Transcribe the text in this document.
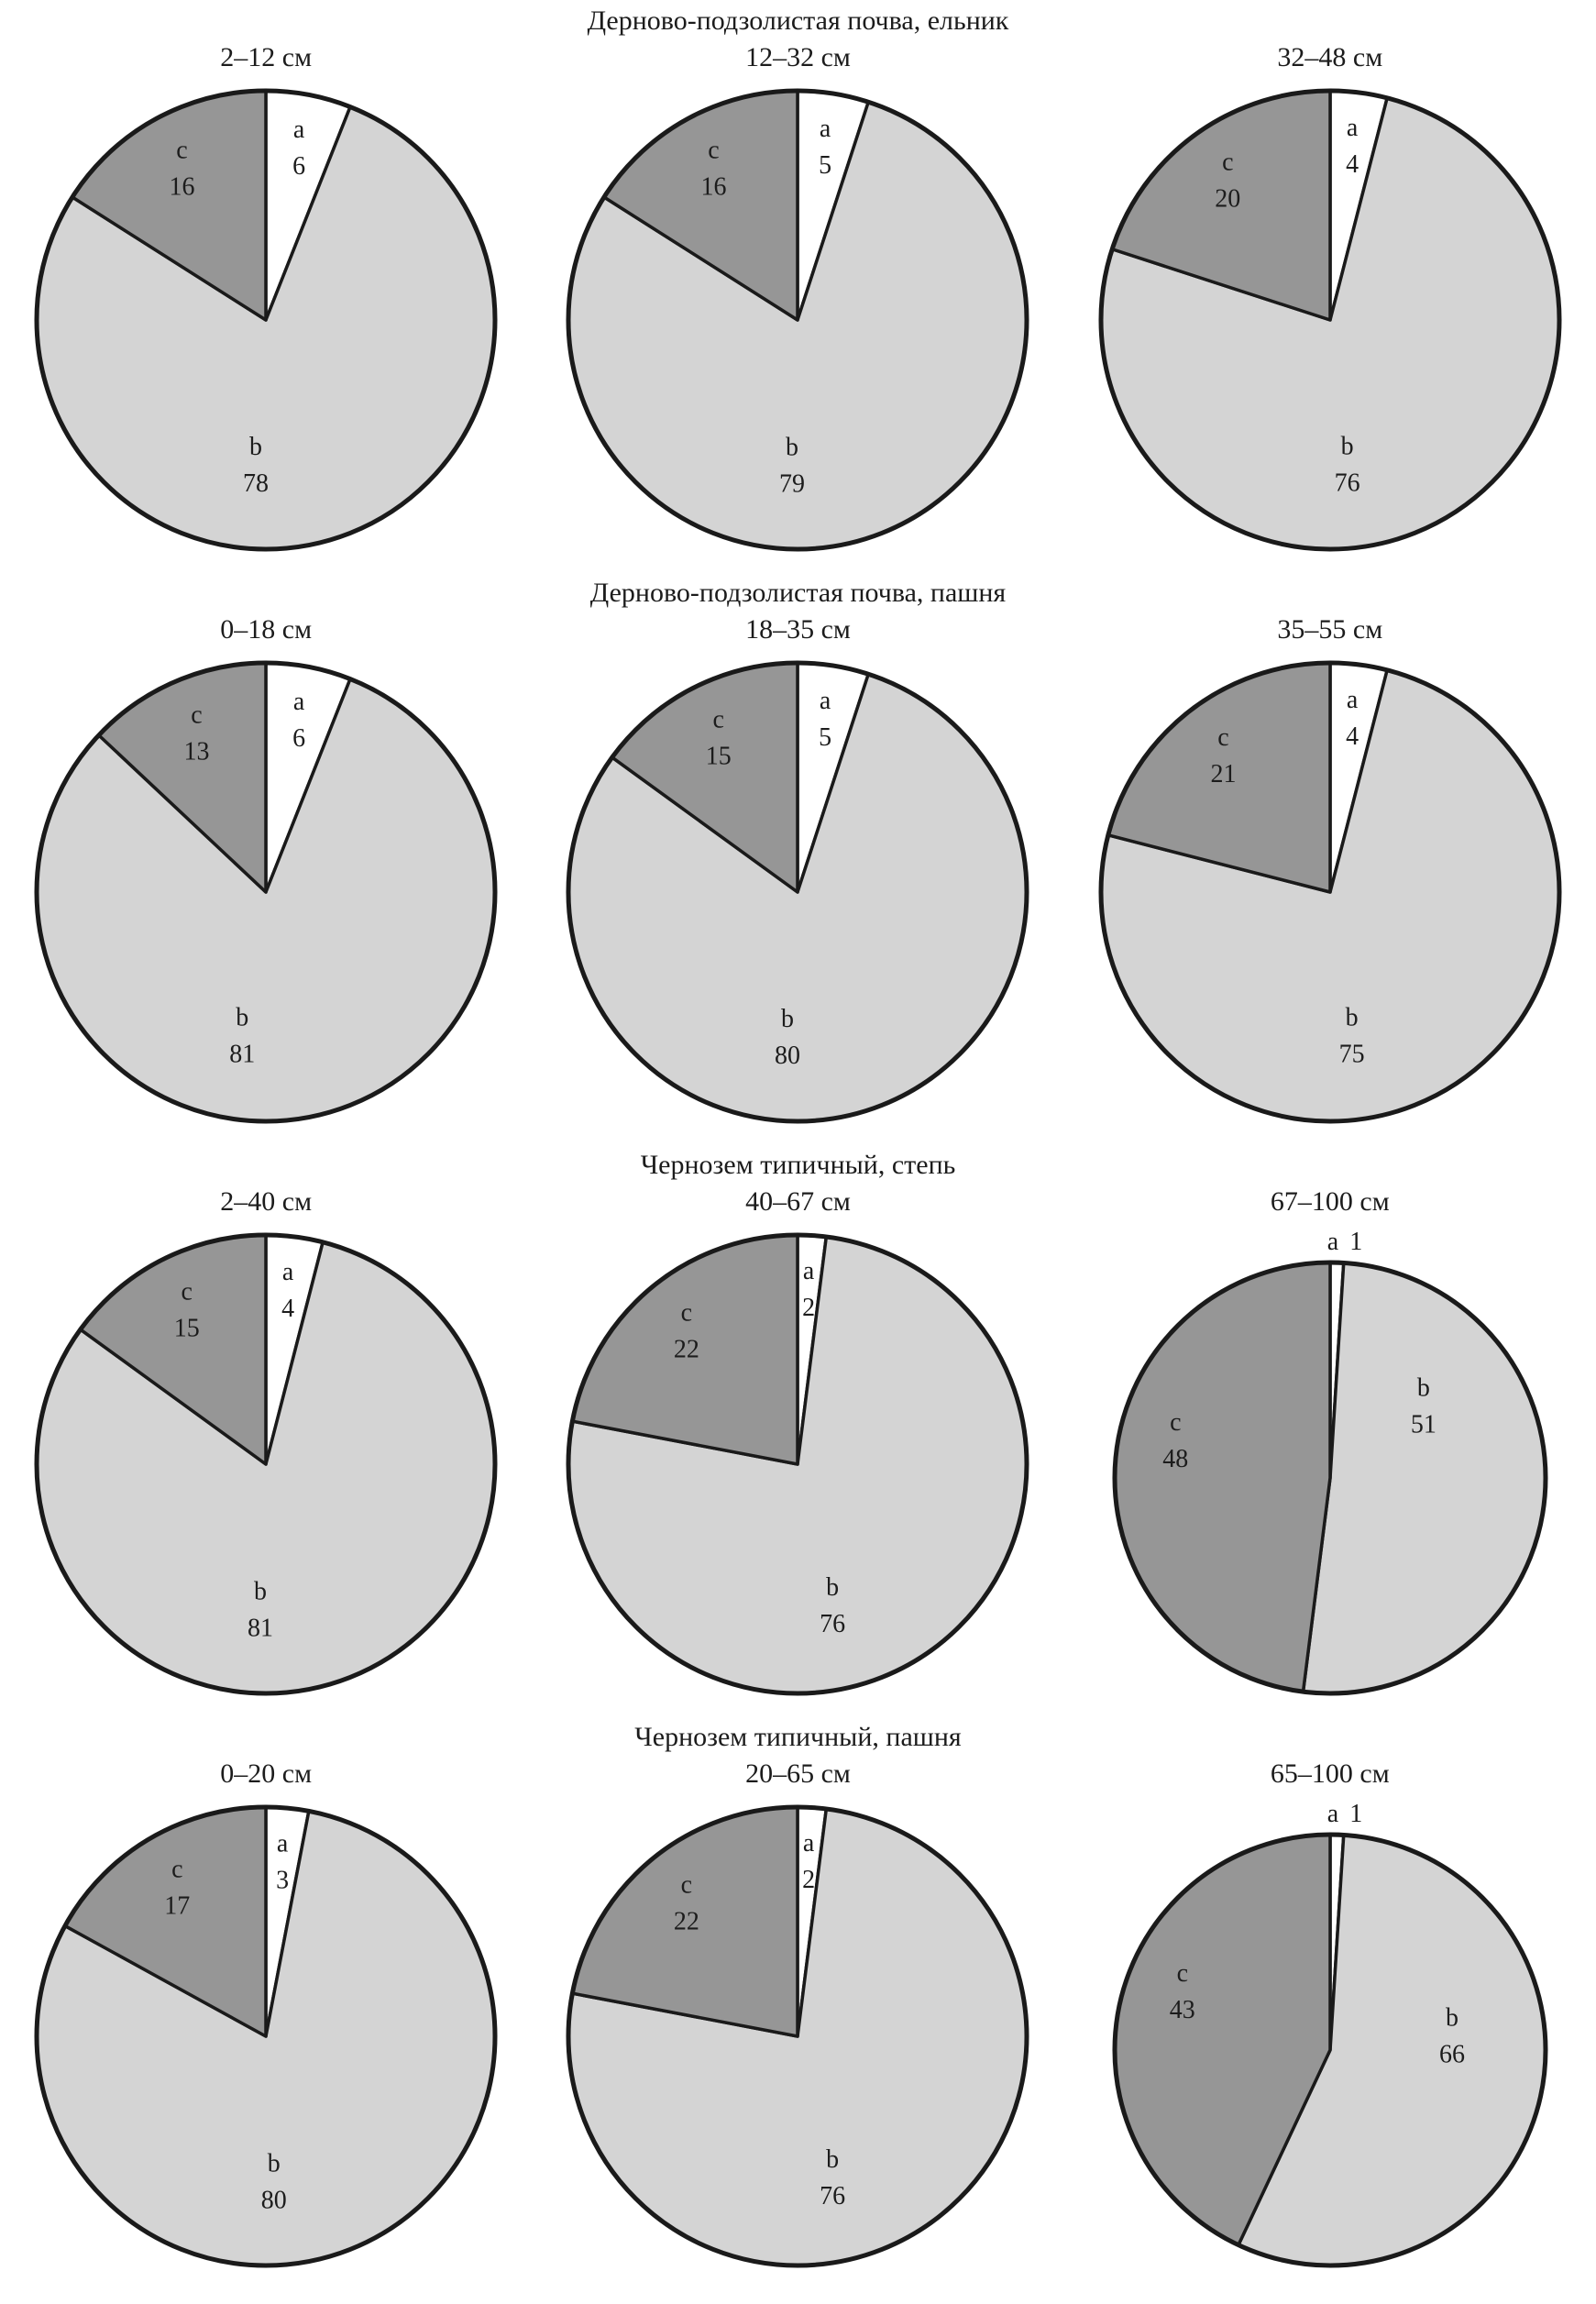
Дерново-подзолистая почва, ельник
2–12 см
a
6
b
78
c
16
12–32 см
a
5
b
79
c
16
32–48 см
a
4
b
76
c
20
Дерново-подзолистая почва, пашня
0–18 см
a
6
b
81
c
13
18–35 см
a
5
b
80
c
15
35–55 см
a
4
b
75
c
21
Чернозем типичный, степь
2–40 см
a
4
b
81
c
15
40–67 см
a
2
b
76
c
22
67–100 см
a 1
b
51
c
48
Чернозем типичный, пашня
0–20 см
a
3
b
80
c
17
20–65 см
a
2
b
76
c
22
65–100 см
a 1
b
66
c
43
